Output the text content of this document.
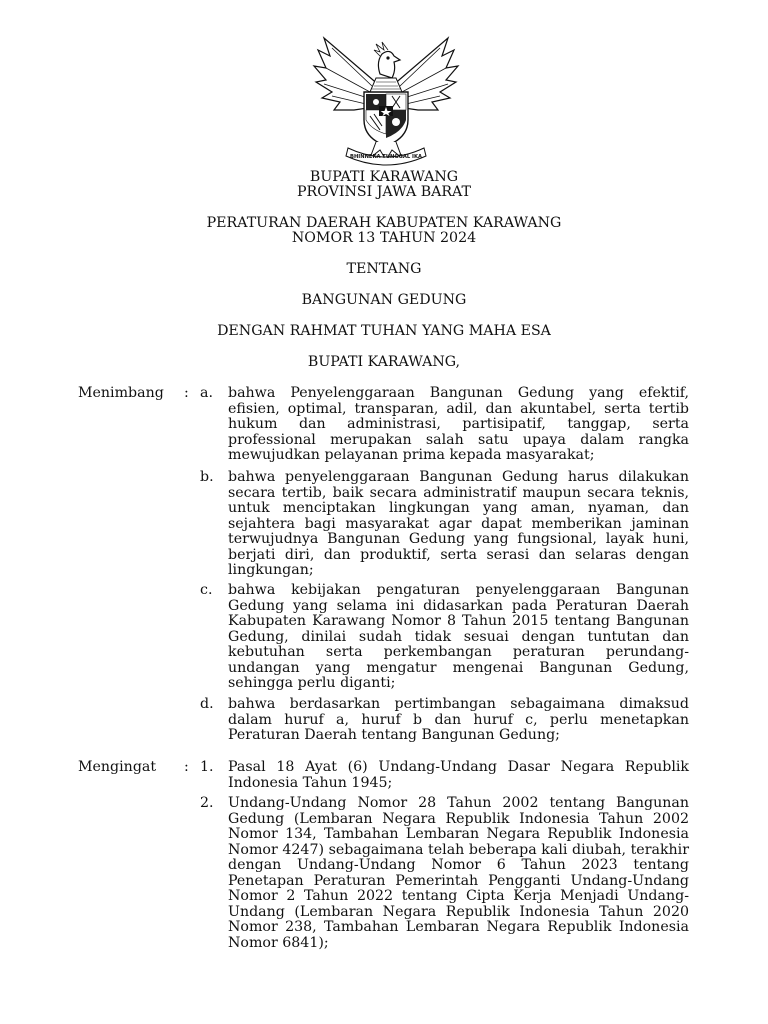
BHINNEKA TUNGGAL IKA
BUPATI KARAWANG
PROVINSI JAWA BARAT
PERATURAN DAERAH KABUPATEN KARAWANG
NOMOR 13 TAHUN 2024
TENTANG
BANGUNAN GEDUNG
DENGAN RAHMAT TUHAN YANG MAHA ESA
BUPATI KARAWANG,
Menimbang : a.	bahwa Penyelenggaraan Bangunan Gedung yang efektif, efisien, optimal, transparan, adil, dan akuntabel, serta tertib hukum dan administrasi, partisipatif, tanggap, serta professional merupakan salah satu upaya dalam rangka mewujudkan pelayanan prima kepada masyarakat;
b.	bahwa penyelenggaraan Bangunan Gedung harus dilakukan secara tertib, baik secara administratif maupun secara teknis, untuk menciptakan lingkungan yang aman, nyaman, dan sejahtera bagi masyarakat agar dapat memberikan jaminan terwujudnya Bangunan Gedung yang fungsional, layak huni, berjati diri, dan produktif, serta serasi dan selaras dengan lingkungan;
c.	bahwa kebijakan pengaturan penyelenggaraan Bangunan Gedung yang selama ini didasarkan pada Peraturan Daerah Kabupaten Karawang Nomor 8 Tahun 2015 tentang Bangunan Gedung, dinilai sudah tidak sesuai dengan tuntutan dan kebutuhan serta perkembangan peraturan perundang-undangan yang mengatur mengenai Bangunan Gedung, sehingga perlu diganti;
d.	bahwa berdasarkan pertimbangan sebagaimana dimaksud dalam huruf a, huruf b dan huruf c, perlu menetapkan Peraturan Daerah tentang Bangunan Gedung;
Mengingat : 1.	Pasal 18 Ayat (6) Undang-Undang Dasar Negara Republik Indonesia Tahun 1945;
2.	Undang-Undang Nomor 28 Tahun 2002 tentang Bangunan Gedung (Lembaran Negara Republik Indonesia Tahun 2002 Nomor 134, Tambahan Lembaran Negara Republik Indonesia Nomor 4247) sebagaimana telah beberapa kali diubah, terakhir dengan Undang-Undang Nomor 6 Tahun 2023 tentang Penetapan Peraturan Pemerintah Pengganti Undang-Undang Nomor 2 Tahun 2022 tentang Cipta Kerja Menjadi Undang-Undang (Lembaran Negara Republik Indonesia Tahun 2020 Nomor 238, Tambahan Lembaran Negara Republik Indonesia Nomor 6841);
